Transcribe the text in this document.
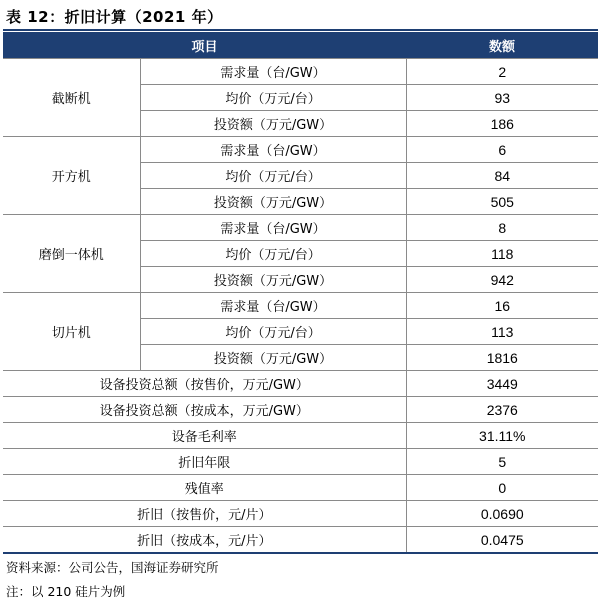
表 12：折旧计算（2021 年）
项目		数额
截断机	需求量（台/GW）	2
	均价（万元/台）	93
	投资额（万元/GW）	186
开方机	需求量（台/GW）	6
	均价（万元/台）	84
	投资额（万元/GW）	505
磨倒一体机	需求量（台/GW）	8
	均价（万元/台）	118
	投资额（万元/GW）	942
切片机	需求量（台/GW）	16
	均价（万元/台）	113
	投资额（万元/GW）	1816
设备投资总额（按售价，万元/GW）		3449
设备投资总额（按成本，万元/GW）		2376
设备毛利率		31.11%
折旧年限		5
残值率		0
折旧（按售价，元/片）		0.0690
折旧（按成本，元/片）		0.0475
资料来源：公司公告，国海证券研究所
注：以 210 硅片为例
